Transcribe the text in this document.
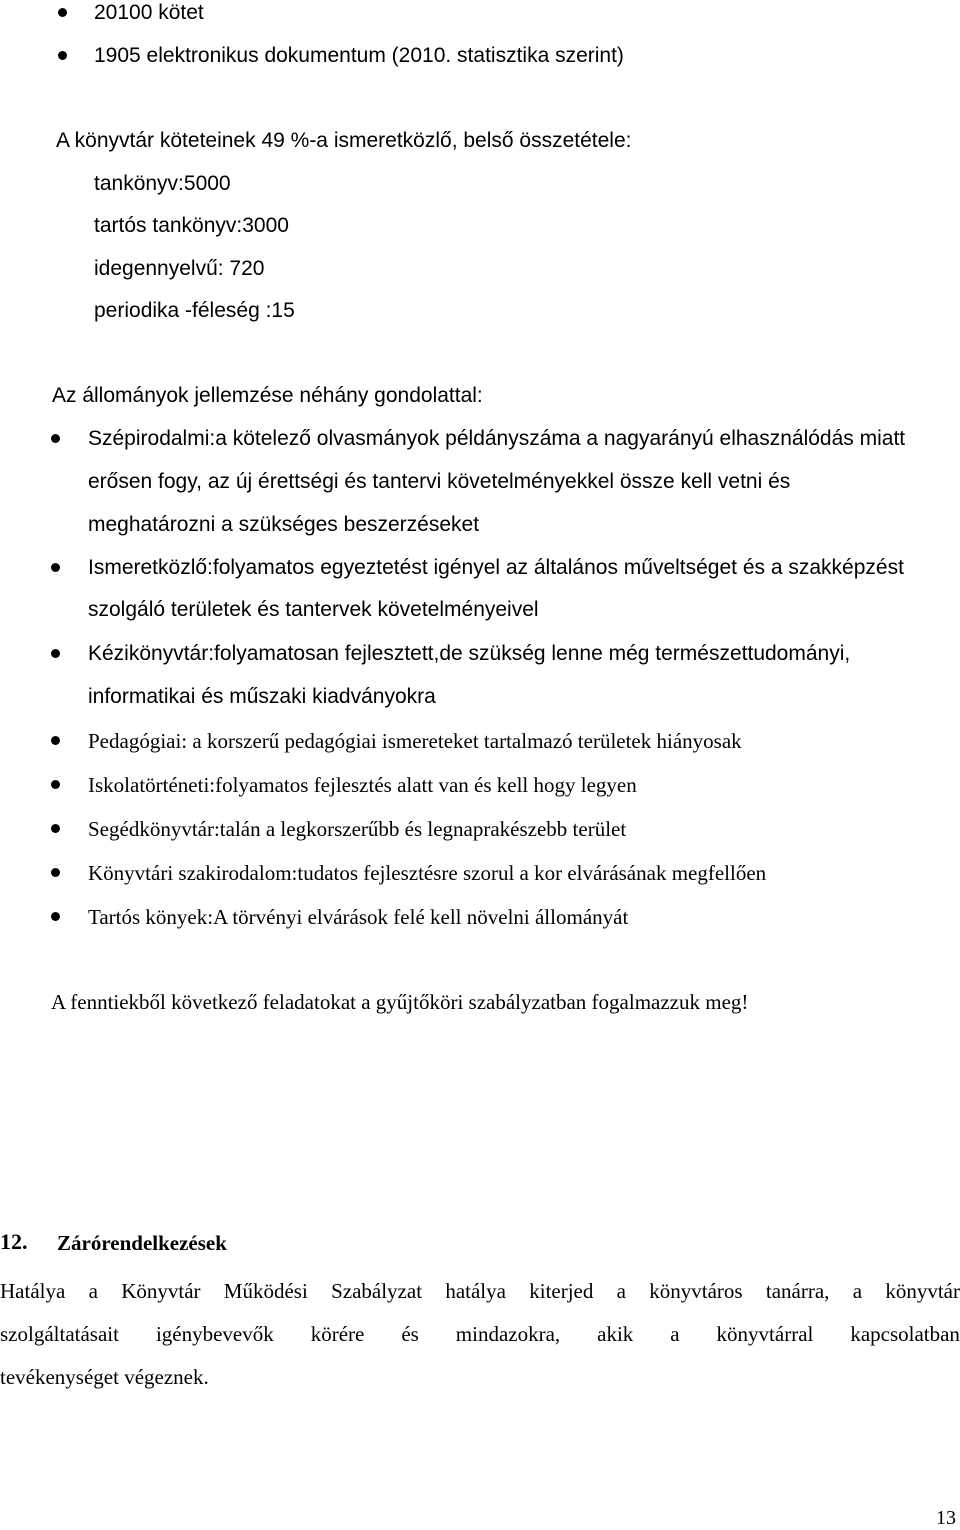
20100 kötet
1905 elektronikus dokumentum (2010. statisztika szerint)
A könyvtár köteteinek 49 %-a ismeretközlő, belső összetétele:
tankönyv:5000
tartós tankönyv:3000
idegennyelvű: 720
periodika -féleség :15
Az állományok jellemzése néhány gondolattal:
Szépirodalmi:a kötelező olvasmányok példányszáma a nagyarányú elhasználódás miatt
erősen fogy, az új érettségi és tantervi követelményekkel össze kell vetni és
meghatározni a szükséges beszerzéseket
Ismeretközlő:folyamatos egyeztetést igényel az általános műveltséget és a szakképzést
szolgáló területek és tantervek követelményeivel
Kézikönyvtár:folyamatosan fejlesztett,de szükség lenne még természettudományi,
informatikai és műszaki kiadványokra
Pedagógiai: a korszerű pedagógiai ismereteket tartalmazó területek hiányosak
Iskolatörténeti:folyamatos fejlesztés alatt van és kell hogy legyen
Segédkönyvtár:talán a legkorszerűbb és legnaprakészebb terület
Könyvtári szakirodalom:tudatos fejlesztésre szorul a kor elvárásának megfellően
Tartós könyek:A törvényi elvárások felé kell növelni állományát
A fenntiekből következő feladatokat a gyűjtőköri szabályzatban fogalmazzuk meg!
12. Zárórendelkezések
Hatálya a Könyvtár Működési Szabályzat hatálya kiterjed a könyvtáros tanárra, a könyvtár
szolgáltatásait igénybevevők körére és mindazokra, akik a könyvtárral kapcsolatban
tevékenységet végeznek.
13
